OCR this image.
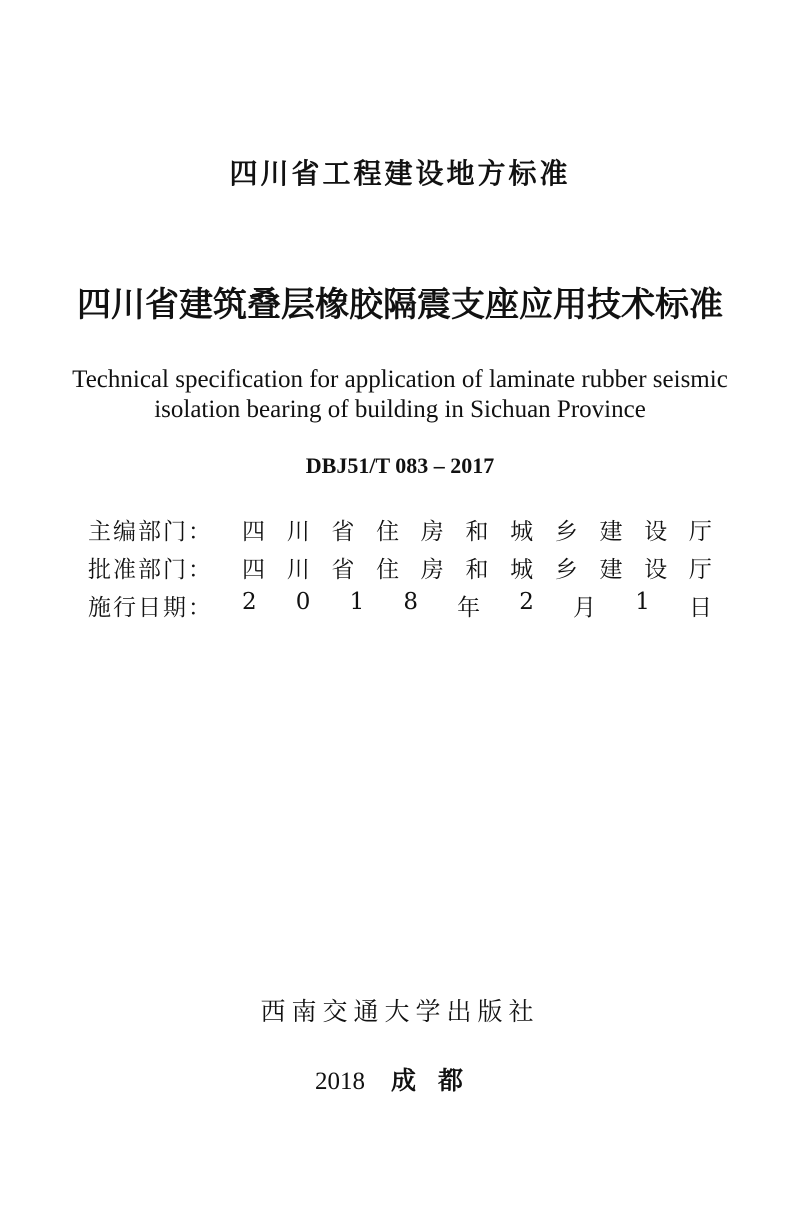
四川省工程建设地方标准
四川省建筑叠层橡胶隔震支座应用技术标准
Technical specification for application of laminate rubber seismic
isolation bearing of building in Sichuan Province
DBJ51/T 083 – 2017
主编部门：	四 川 省 住 房 和 城 乡 建 设 厅
批准部门：	四 川 省 住 房 和 城 乡 建 设 厅
施行日期：	2 0 1 8 年 2 月 1 日
西南交通大学出版社
2018 成都
